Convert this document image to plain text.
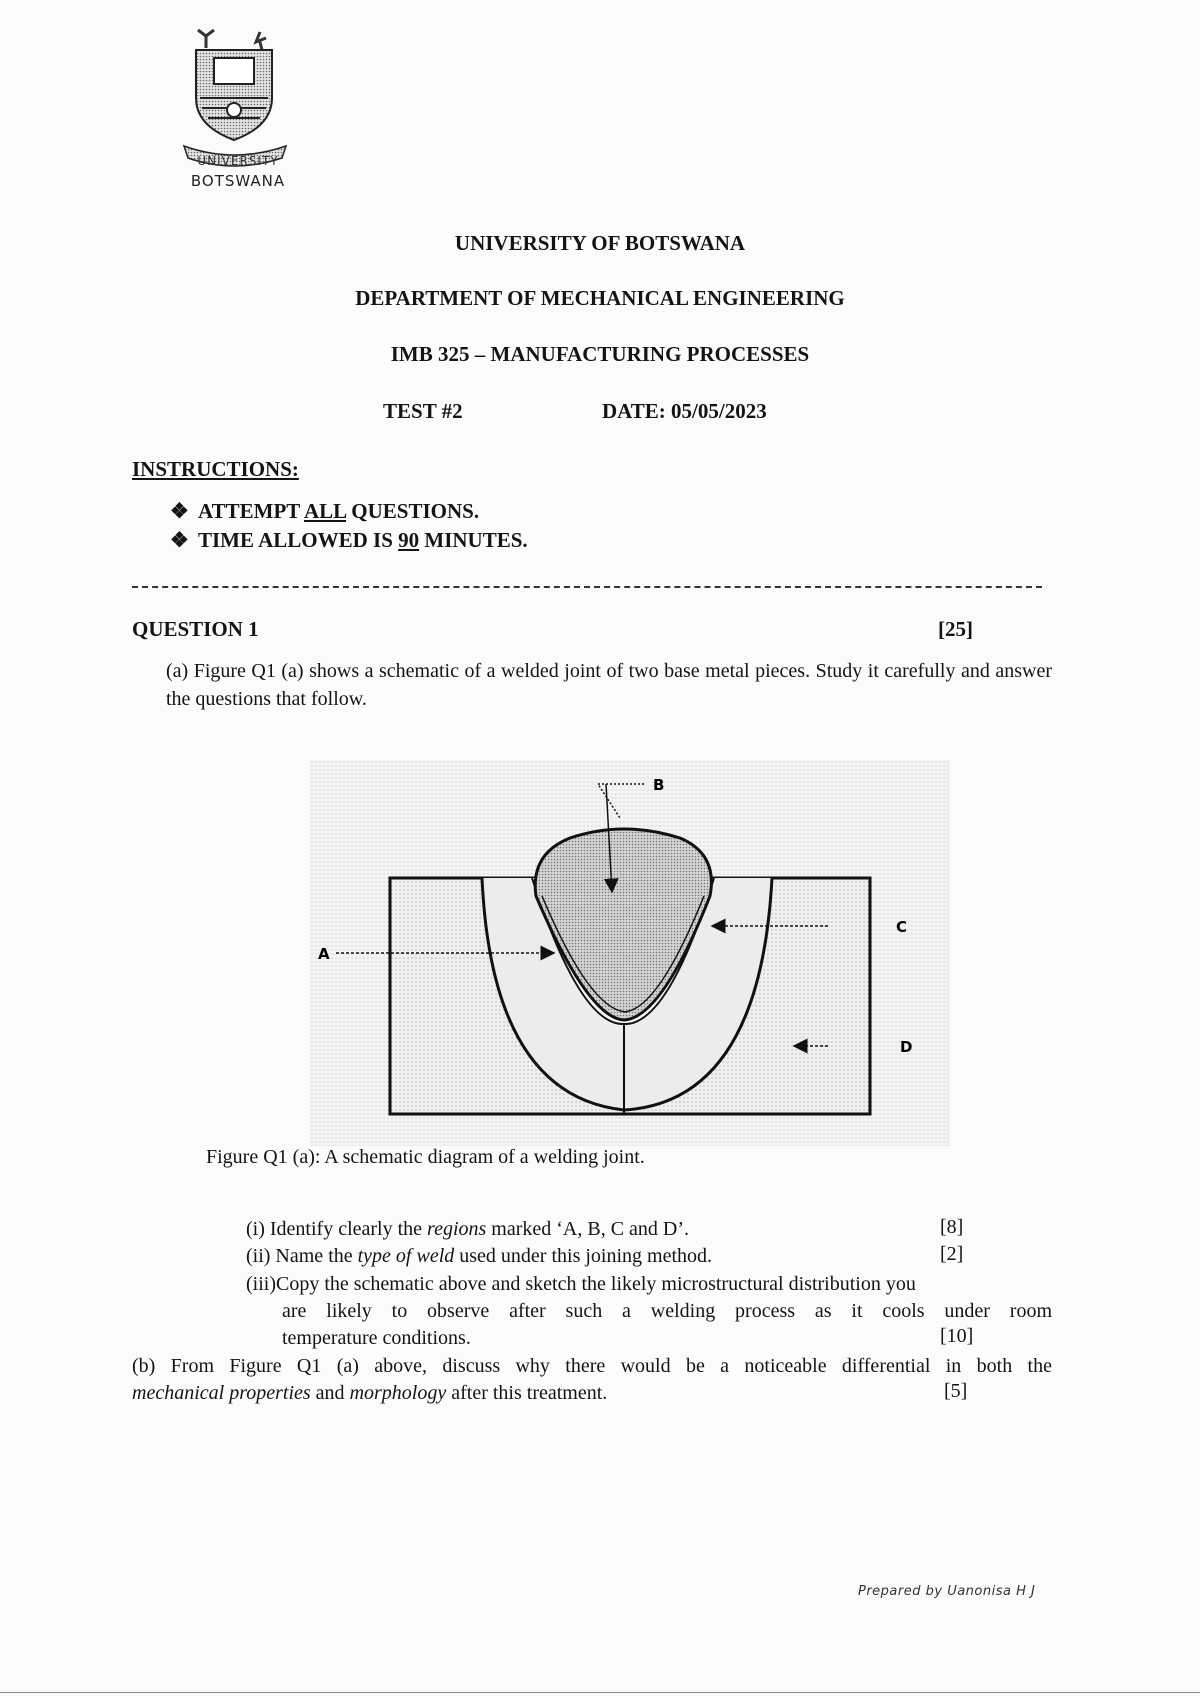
UNIVERSITY
BOTSWANA
UNIVERSITY OF BOTSWANA
DEPARTMENT OF MECHANICAL ENGINEERING
IMB 325 – MANUFACTURING PROCESSES
TEST #2	DATE: 05/05/2023
INSTRUCTIONS:
❖ ATTEMPT ALL QUESTIONS.
❖ TIME ALLOWED IS 90 MINUTES.
QUESTION 1	[25]
(a) Figure Q1 (a) shows a schematic of a welded joint of two base metal pieces. Study it carefully and answer the questions that follow.
B
A
C
D
Figure Q1 (a): A schematic diagram of a welding joint.
(i) Identify clearly the regions marked ‘A, B, C and D’.	[8]
(ii) Name the type of weld used under this joining method.	[2]
(iii)Copy the schematic above and sketch the likely microstructural distribution you
are likely to observe after such a welding process as it cools under room
temperature conditions.	[10]
(b) From Figure Q1 (a) above, discuss why there would be a noticeable differential in both the
mechanical properties and morphology after this treatment.	[5]
Prepared by Uanonisa H J
